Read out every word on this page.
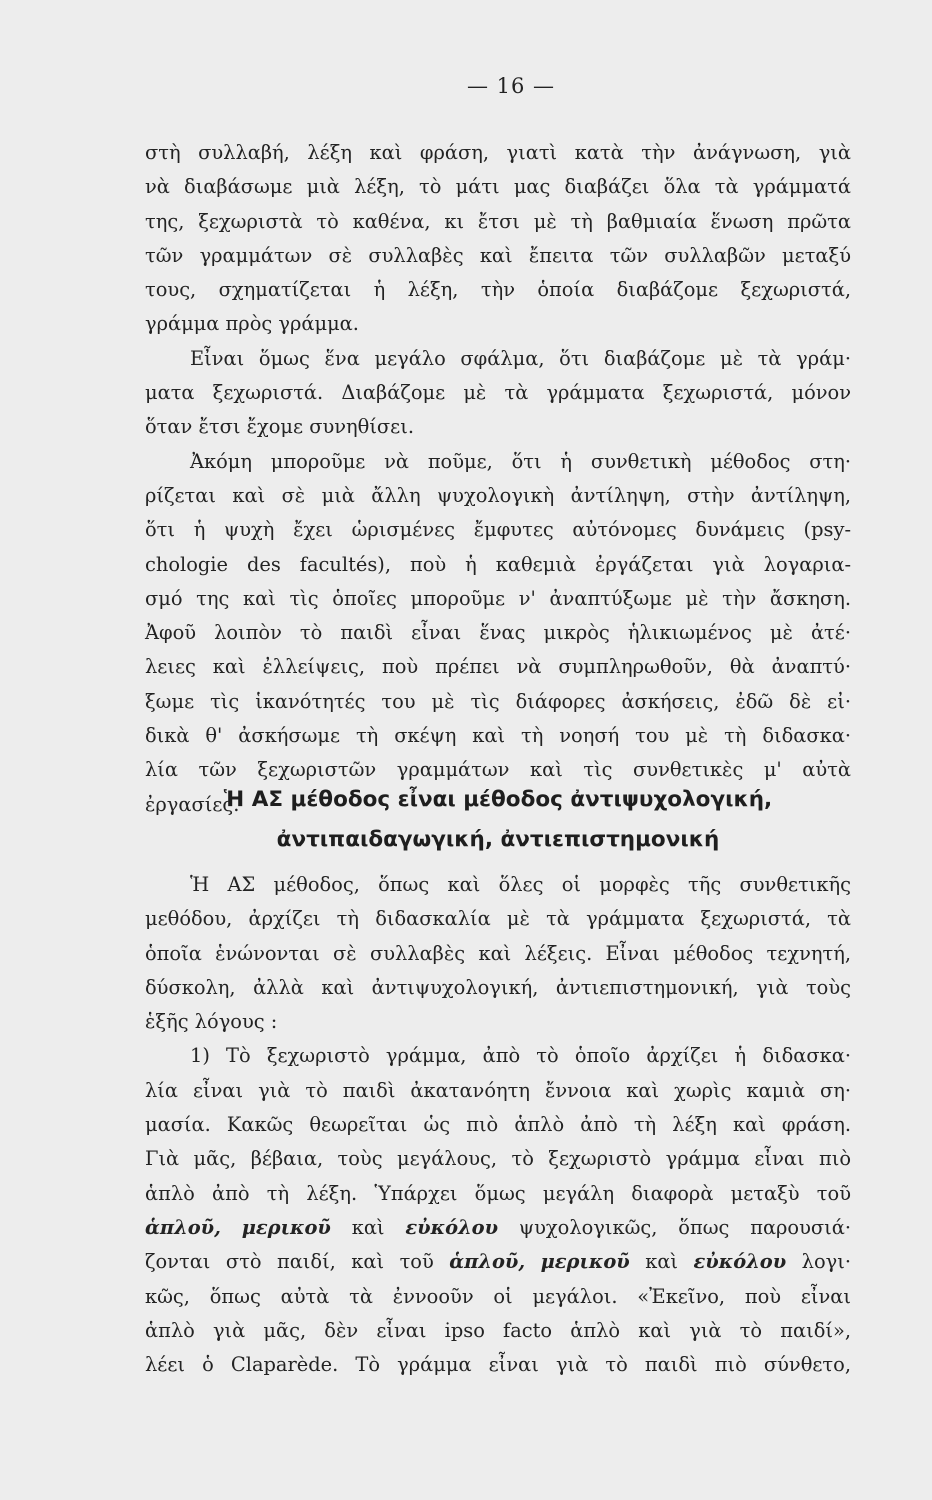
— 16 —
στὴ συλλαβή, λέξη καὶ φράση, γιατὶ κατὰ τὴν ἀνάγνωση, γιὰ
νὰ διαβάσωμε μιὰ λέξη, τὸ μάτι μας διαβάζει ὅλα τὰ γράμματά
της, ξεχωριστὰ τὸ καθένα, κι ἔτσι μὲ τὴ βαθμιαία ἕνωση πρῶτα
τῶν γραμμάτων σὲ συλλαβὲς καὶ ἔπειτα τῶν συλλαβῶν μεταξύ
τους, σχηματίζεται ἡ λέξη, τὴν ὁποία διαβάζομε ξεχωριστά,
γράμμα πρὸς γράμμα.
Εἶναι ὅμως ἕνα μεγάλο σφάλμα, ὅτι διαβάζομε μὲ τὰ γράμ·
ματα ξεχωριστά. Διαβάζομε μὲ τὰ γράμματα ξεχωριστά, μόνον
ὅταν ἔτσι ἔχομε συνηθίσει.
Ἀκόμη μποροῦμε νὰ ποῦμε, ὅτι ἡ συνθετικὴ μέθοδος στη·
ρίζεται καὶ σὲ μιὰ ἄλλη ψυχολογικὴ ἀντίληψη, στὴν ἀντίληψη,
ὅτι ἡ ψυχὴ ἔχει ὡρισμένες ἔμφυτες αὐτόνομες δυνάμεις (psy-
chologie des facultés), ποὺ ἡ καθεμιὰ ἐργάζεται γιὰ λογαρια-
σμό της καὶ τὶς ὁποῖες μποροῦμε ν' ἀναπτύξωμε μὲ τὴν ἄσκηση.
Ἀφοῦ λοιπὸν τὸ παιδὶ εἶναι ἕνας μικρὸς ἡλικιωμένος μὲ ἀτέ·
λειες καὶ ἐλλείψεις, ποὺ πρέπει νὰ συμπληρωθοῦν, θὰ ἀναπτύ·
ξωμε τὶς ἱκανότητές του μὲ τὶς διάφορες ἀσκήσεις, ἐδῶ δὲ εἰ·
δικὰ θ' ἀσκήσωμε τὴ σκέψη καὶ τὴ νοησή του μὲ τὴ διδασκα·
λία τῶν ξεχωριστῶν γραμμάτων καὶ τὶς συνθετικὲς μ' αὐτὰ
ἐργασίες.
Ἡ ΑΣ μέθοδος εἶναι μέθοδος ἀντιψυχολογική,
ἀντιπαιδαγωγική, ἀντιεπιστημονική
Ἡ ΑΣ μέθοδος, ὅπως καὶ ὅλες οἱ μορφὲς τῆς συνθετικῆς
μεθόδου, ἀρχίζει τὴ διδασκαλία μὲ τὰ γράμματα ξεχωριστά, τὰ
ὁποῖα ἑνώνονται σὲ συλλαβὲς καὶ λέξεις. Εἶναι μέθοδος τεχνητή,
δύσκολη, ἀλλὰ καὶ ἀντιψυχολογική, ἀντιεπιστημονική, γιὰ τοὺς
ἑξῆς λόγους :
1) Τὸ ξεχωριστὸ γράμμα, ἀπὸ τὸ ὁποῖο ἀρχίζει ἡ διδασκα·
λία εἶναι γιὰ τὸ παιδὶ ἀκατανόητη ἔννοια καὶ χωρὶς καμιὰ ση·
μασία. Κακῶς θεωρεῖται ὡς πιὸ ἁπλὸ ἀπὸ τὴ λέξη καὶ φράση.
Γιὰ μᾶς, βέβαια, τοὺς μεγάλους, τὸ ξεχωριστὸ γράμμα εἶναι πιὸ
ἁπλὸ ἀπὸ τὴ λέξη. Ὑπάρχει ὅμως μεγάλη διαφορὰ μεταξὺ τοῦ
ἁπλοῦ, μερικοῦ καὶ εὐκόλου ψυχολογικῶς, ὅπως παρουσιά·
ζονται στὸ παιδί, καὶ τοῦ ἁπλοῦ, μερικοῦ καὶ εὐκόλου λογι·
κῶς, ὅπως αὐτὰ τὰ ἐννοοῦν οἱ μεγάλοι. «Ἐκεῖνο, ποὺ εἶναι
ἁπλὸ γιὰ μᾶς, δὲν εἶναι ipso facto ἁπλὸ καὶ γιὰ τὸ παιδί»,
λέει ὁ Claparède. Τὸ γράμμα εἶναι γιὰ τὸ παιδὶ πιὸ σύνθετο,
